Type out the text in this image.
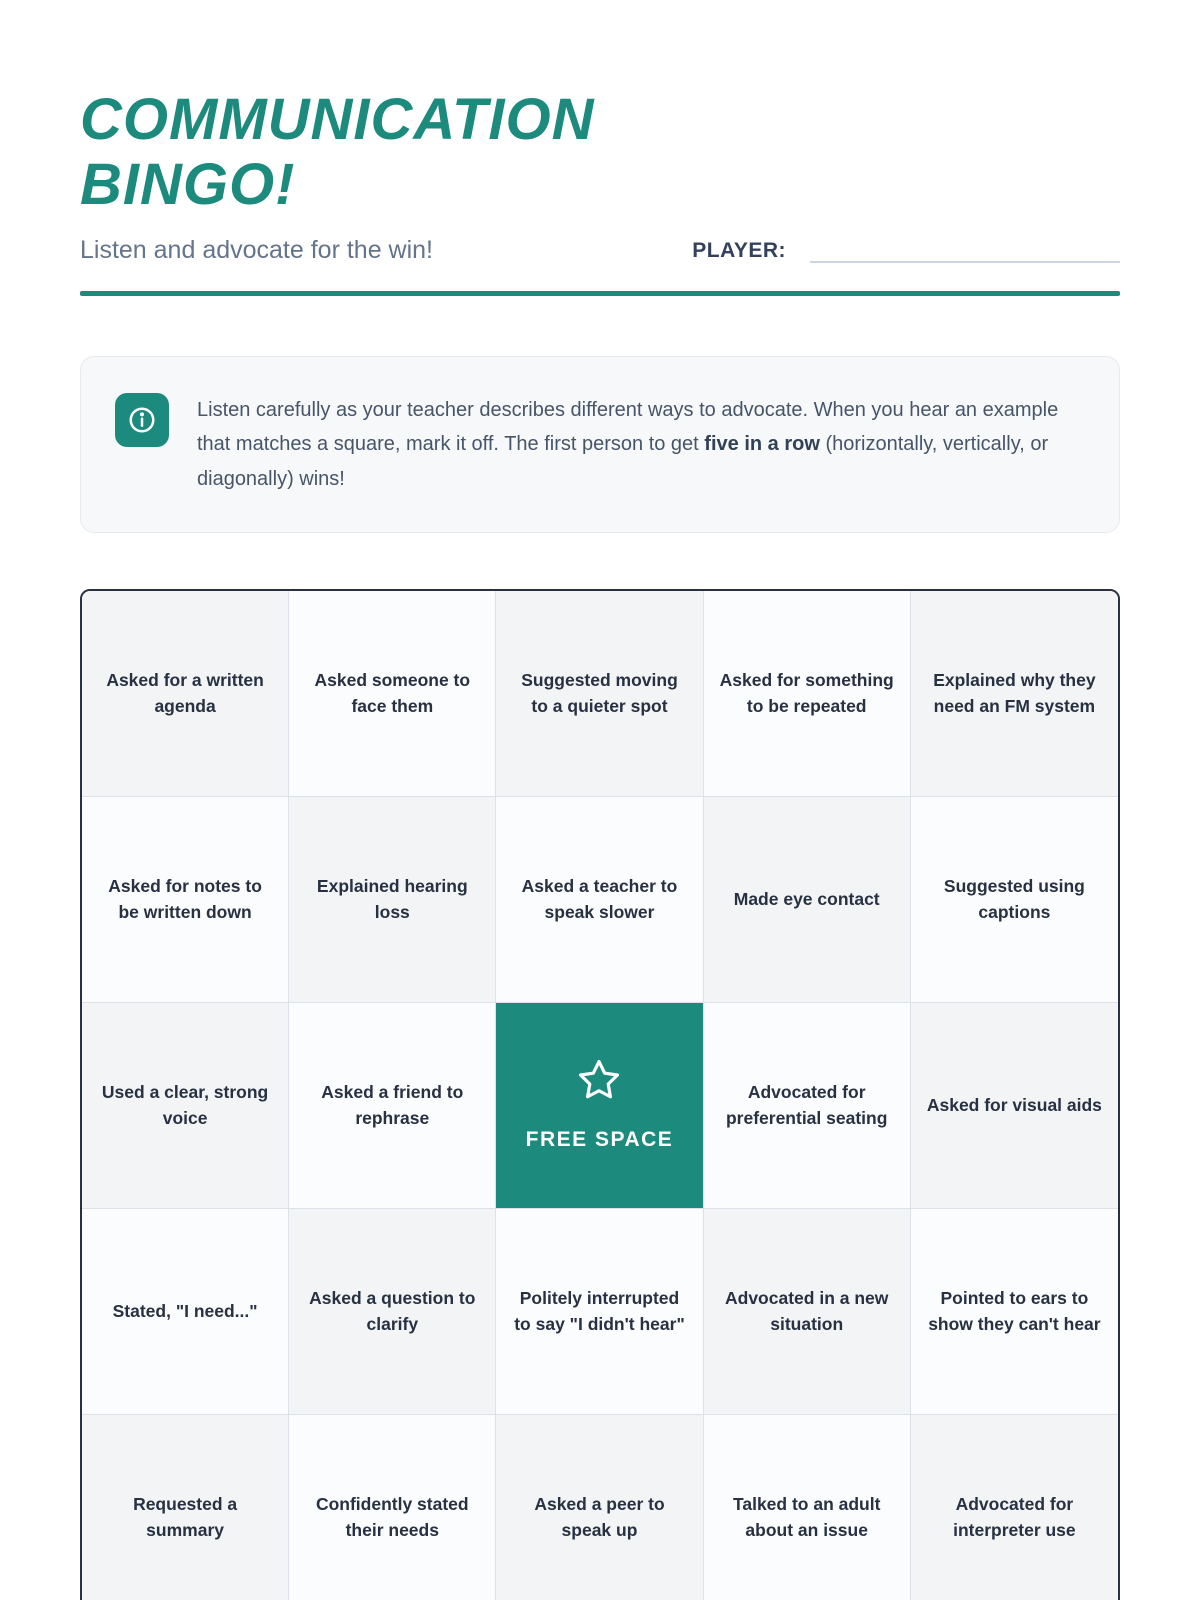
COMMUNICATION BINGO!
Listen and advocate for the win!	PLAYER:

Listen carefully as your teacher describes different ways to advocate. When you hear an example that matches a square, mark it off. The first person to get five in a row (horizontally, vertically, or diagonally) wins!

Asked for a written agenda
Asked someone to face them
Suggested moving to a quieter spot
Asked for something to be repeated
Explained why they need an FM system
Asked for notes to be written down
Explained hearing loss
Asked a teacher to speak slower
Made eye contact
Suggested using captions
Used a clear, strong voice
Asked a friend to rephrase
FREE SPACE
Advocated for preferential seating
Asked for visual aids
Stated, "I need..."
Asked a question to clarify
Politely interrupted to say "I didn't hear"
Advocated in a new situation
Pointed to ears to show they can't hear
Requested a summary
Confidently stated their needs
Asked a peer to speak up
Talked to an adult about an issue
Advocated for interpreter use
